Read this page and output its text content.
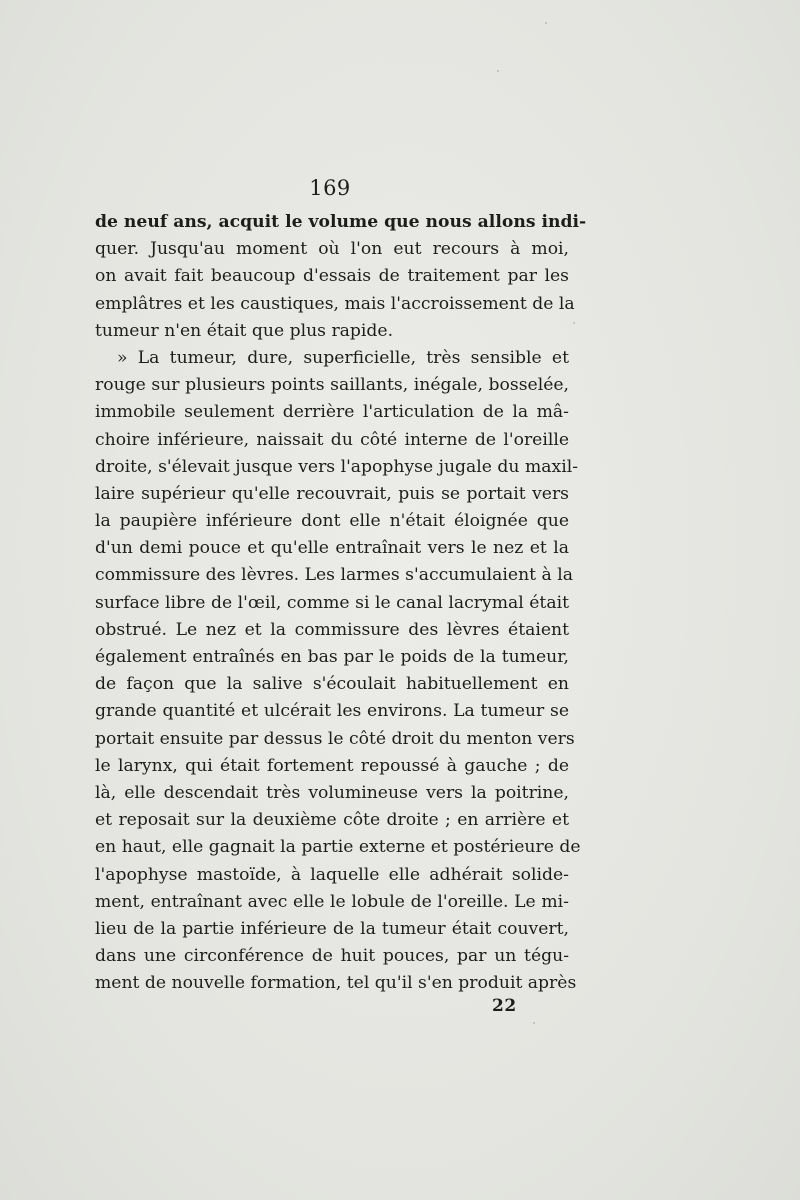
169
de neuf ans, acquit le volume que nous allons indi-
quer. Jusqu'au moment où l'on eut recours à moi,
on avait fait beaucoup d'essais de traitement par les
emplâtres et les caustiques, mais l'accroissement de la
tumeur n'en était que plus rapide.
» La tumeur, dure, superficielle, très sensible et
rouge sur plusieurs points saillants, inégale, bosselée,
immobile seulement derrière l'articulation de la mâ-
choire inférieure, naissait du côté interne de l'oreille
droite, s'élevait jusque vers l'apophyse jugale du maxil-
laire supérieur qu'elle recouvrait, puis se portait vers
la paupière inférieure dont elle n'était éloignée que
d'un demi pouce et qu'elle entraînait vers le nez et la
commissure des lèvres. Les larmes s'accumulaient à la
surface libre de l'œil, comme si le canal lacrymal était
obstrué. Le nez et la commissure des lèvres étaient
également entraînés en bas par le poids de la tumeur,
de façon que la salive s'écoulait habituellement en
grande quantité et ulcérait les environs. La tumeur se
portait ensuite par dessus le côté droit du menton vers
le larynx, qui était fortement repoussé à gauche ; de
là, elle descendait très volumineuse vers la poitrine,
et reposait sur la deuxième côte droite ; en arrière et
en haut, elle gagnait la partie externe et postérieure de
l'apophyse mastoïde, à laquelle elle adhérait solide-
ment, entraînant avec elle le lobule de l'oreille. Le mi-
lieu de la partie inférieure de la tumeur était couvert,
dans une circonférence de huit pouces, par un tégu-
ment de nouvelle formation, tel qu'il s'en produit après
22
